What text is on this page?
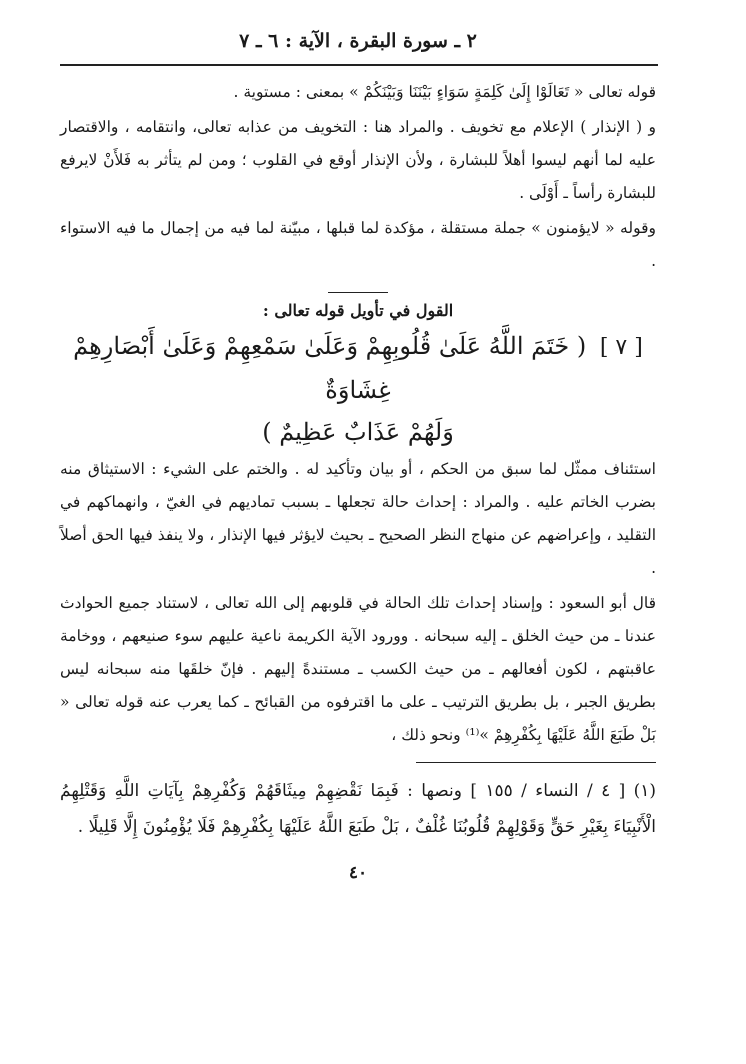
٢ ـ سورة البقرة ، الآية : ٦ ـ ٧

قوله تعالى « تَعَالَوْا إِلَىٰ كَلِمَةٍ سَوَاءٍ بَيْنَنَا وَبَيْنَكُمْ » بمعنى : مستوية .

و ( الإنذار ) الإعلام مع تخويف . والمراد هنا : التخويف من عذابه تعالى، وانتقامه ، والاقتصار عليه لما أنهم ليسوا أهلاً للبشارة ، ولأن الإنذار أوقع في القلوب ؛ ومن لم يتأثر به فَلأَنْ لايرفع للبشارة رأساً ـ أَوْلَى .

وقوله « لايؤمنون » جملة مستقلة ، مؤكدة لما قبلها ، مبيّنة لما فيه من إجمال ما فيه الاستواء .

القول في تأويل قوله تعالى :

[ ٧ ] ( خَتَمَ اللَّهُ عَلَىٰ قُلُوبِهِمْ وَعَلَىٰ سَمْعِهِمْ وَعَلَىٰ أَبْصَارِهِمْ غِشَاوَةٌ

وَلَهُمْ عَذَابٌ عَظِيمٌ )

استئناف ممثّل لما سبق من الحكم ، أو بيان وتأكيد له . والختم على الشيء : الاستيثاق منه بضرب الخاتم عليه . والمراد : إحداث حالة تجعلها ـ بسبب تماديهم في الغيّ ، وانهماكهم في التقليد ، وإعراضهم عن منهاج النظر الصحيح ـ بحيث لايؤثر فيها الإنذار ، ولا ينفذ فيها الحق أصلاً .

قال أبو السعود : وإسناد إحداث تلك الحالة في قلوبهم إلى الله تعالى ، لاستناد جميع الحوادث عندنا ـ من حيث الخلق ـ إليه سبحانه . وورود الآية الكريمة ناعية عليهم سوء صنيعهم ، ووخامة عاقبتهم ، لكون أفعالهم ـ من حيث الكسب ـ مستندةً إليهم . فإنّ خلقَها منه سبحانه ليس بطريق الجبر ، بل بطريق الترتيب ـ على ما اقترفوه من القبائح ـ كما يعرب عنه قوله تعالى « بَلْ طَبَعَ اللَّهُ عَلَيْهَا بِكُفْرِهِمْ »⁽¹⁾ ونحو ذلك ،

(١) [ ٤ / النساء / ١٥٥ ] ونصها : فَبِمَا نَقْضِهِمْ مِيثَاقَهُمْ وَكُفْرِهِمْ بِآيَاتِ اللَّهِ وَقَتْلِهِمُ الْأَنْبِيَاءَ بِغَيْرِ حَقٍّ وَقَوْلِهِمْ قُلُوبُنَا غُلْفٌ ، بَلْ طَبَعَ اللَّهُ عَلَيْهَا بِكُفْرِهِمْ فَلَا يُؤْمِنُونَ إِلَّا قَلِيلًا .

٤٠
